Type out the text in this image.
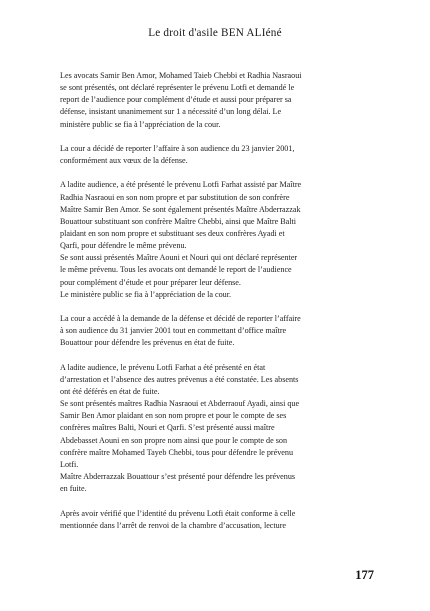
Le droit d'asile BEN ALIéné
Les avocats Samir Ben Amor, Mohamed Taieb Chebbi et Radhia Nasraoui
se sont présentés, ont déclaré représenter le prévenu Lotfi et demandé le
report de l’audience pour complément d’étude et aussi pour préparer sa
défense, insistant unanimement sur 1 a nécessité d’un long délai. Le
ministère public se fia à l’appréciation de la cour.
La cour a décidé de reporter l’affaire à son audience du 23 janvier 2001,
conformément aux vœux de la défense.
A ladite audience, a été présenté le prévenu Lotfi Farhat assisté par Maître
Radhia Nasraoui en son nom propre et par substitution de son confrère
Maître Samir Ben Amor. Se sont également présentés Maître Abderrazzak
Bouattour substituant son confrère Maître Chebbi, ainsi que Maître Balti
plaidant en son nom propre et substituant ses deux confrères Ayadi et
Qarfi, pour défendre le même prévenu.
Se sont aussi présentés Maître Aouni et Nouri qui ont déclaré représenter
le même prévenu. Tous les avocats ont demandé le report de l’audience
pour complément d’étude et pour préparer leur défense.
Le ministère public se fia à l’appréciation de la cour.
La cour a accédé à la demande de la défense et décidé de reporter l’affaire
à son audience du 31 janvier 2001 tout en commettant d’office maître
Bouattour pour défendre les prévenus en état de fuite.
A ladite audience, le prévenu Lotfi Farhat a été présenté en état
d’arrestation et l’absence des autres prévenus a été constatée. Les absents
ont été déférés en état de fuite.
Se sont présentés maîtres Radhia Nasraoui et Abderraouf Ayadi, ainsi que
Samir Ben Amor plaidant en son nom propre et pour le compte de ses
confrères maîtres Balti, Nouri et Qarfi. S’est présenté aussi maître
Abdebasset Aouni en son propre nom ainsi que pour le compte de son
confrère maître Mohamed Tayeb Chebbi, tous pour défendre le prévenu
Lotfi.
Maître Abderrazzak Bouattour s’est présenté pour défendre les prévenus
en fuite.
Après avoir vérifié que l’identité du prévenu Lotfi était conforme à celle
mentionnée dans l’arrêt de renvoi de la chambre d’accusation, lecture
177
